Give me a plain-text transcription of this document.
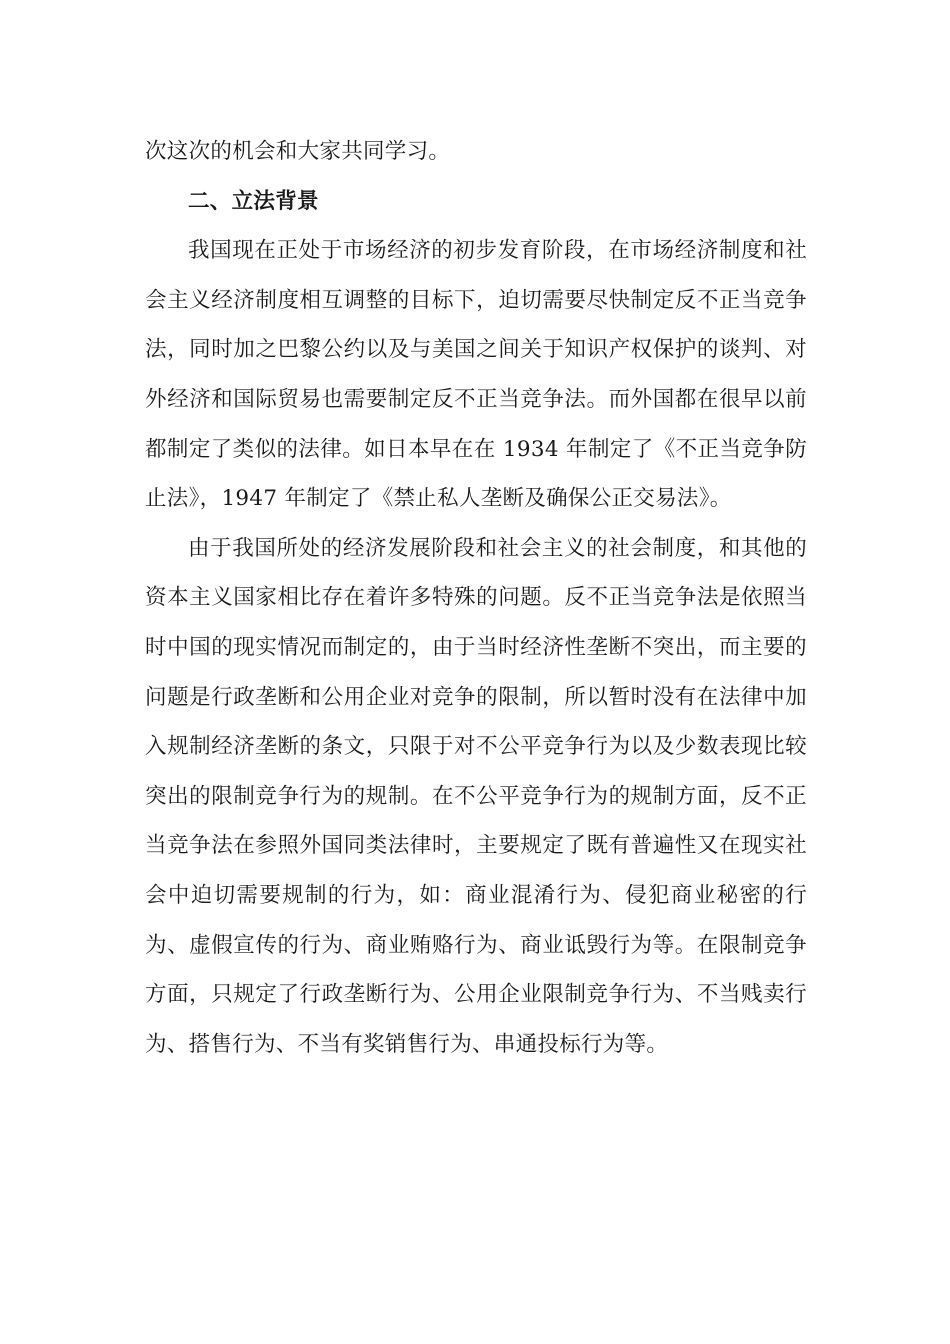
次这次的机会和大家共同学习。

二、立法背景

我国现在正处于市场经济的初步发育阶段，在市场经济制度和社会主义经济制度相互调整的目标下，迫切需要尽快制定反不正当竞争法，同时加之巴黎公约以及与美国之间关于知识产权保护的谈判、对外经济和国际贸易也需要制定反不正当竞争法。而外国都在很早以前都制定了类似的法律。如日本早在在 1934 年制定了《不正当竞争防止法》，1947 年制定了《禁止私人垄断及确保公正交易法》。

由于我国所处的经济发展阶段和社会主义的社会制度，和其他的资本主义国家相比存在着许多特殊的问题。反不正当竞争法是依照当时中国的现实情况而制定的，由于当时经济性垄断不突出，而主要的问题是行政垄断和公用企业对竞争的限制，所以暂时没有在法律中加入规制经济垄断的条文，只限于对不公平竞争行为以及少数表现比较突出的限制竞争行为的规制。在不公平竞争行为的规制方面，反不正当竞争法在参照外国同类法律时，主要规定了既有普遍性又在现实社会中迫切需要规制的行为，如：商业混淆行为、侵犯商业秘密的行为、虚假宣传的行为、商业贿赂行为、商业诋毁行为等。在限制竞争方面，只规定了行政垄断行为、公用企业限制竞争行为、不当贱卖行为、搭售行为、不当有奖销售行为、串通投标行为等。
